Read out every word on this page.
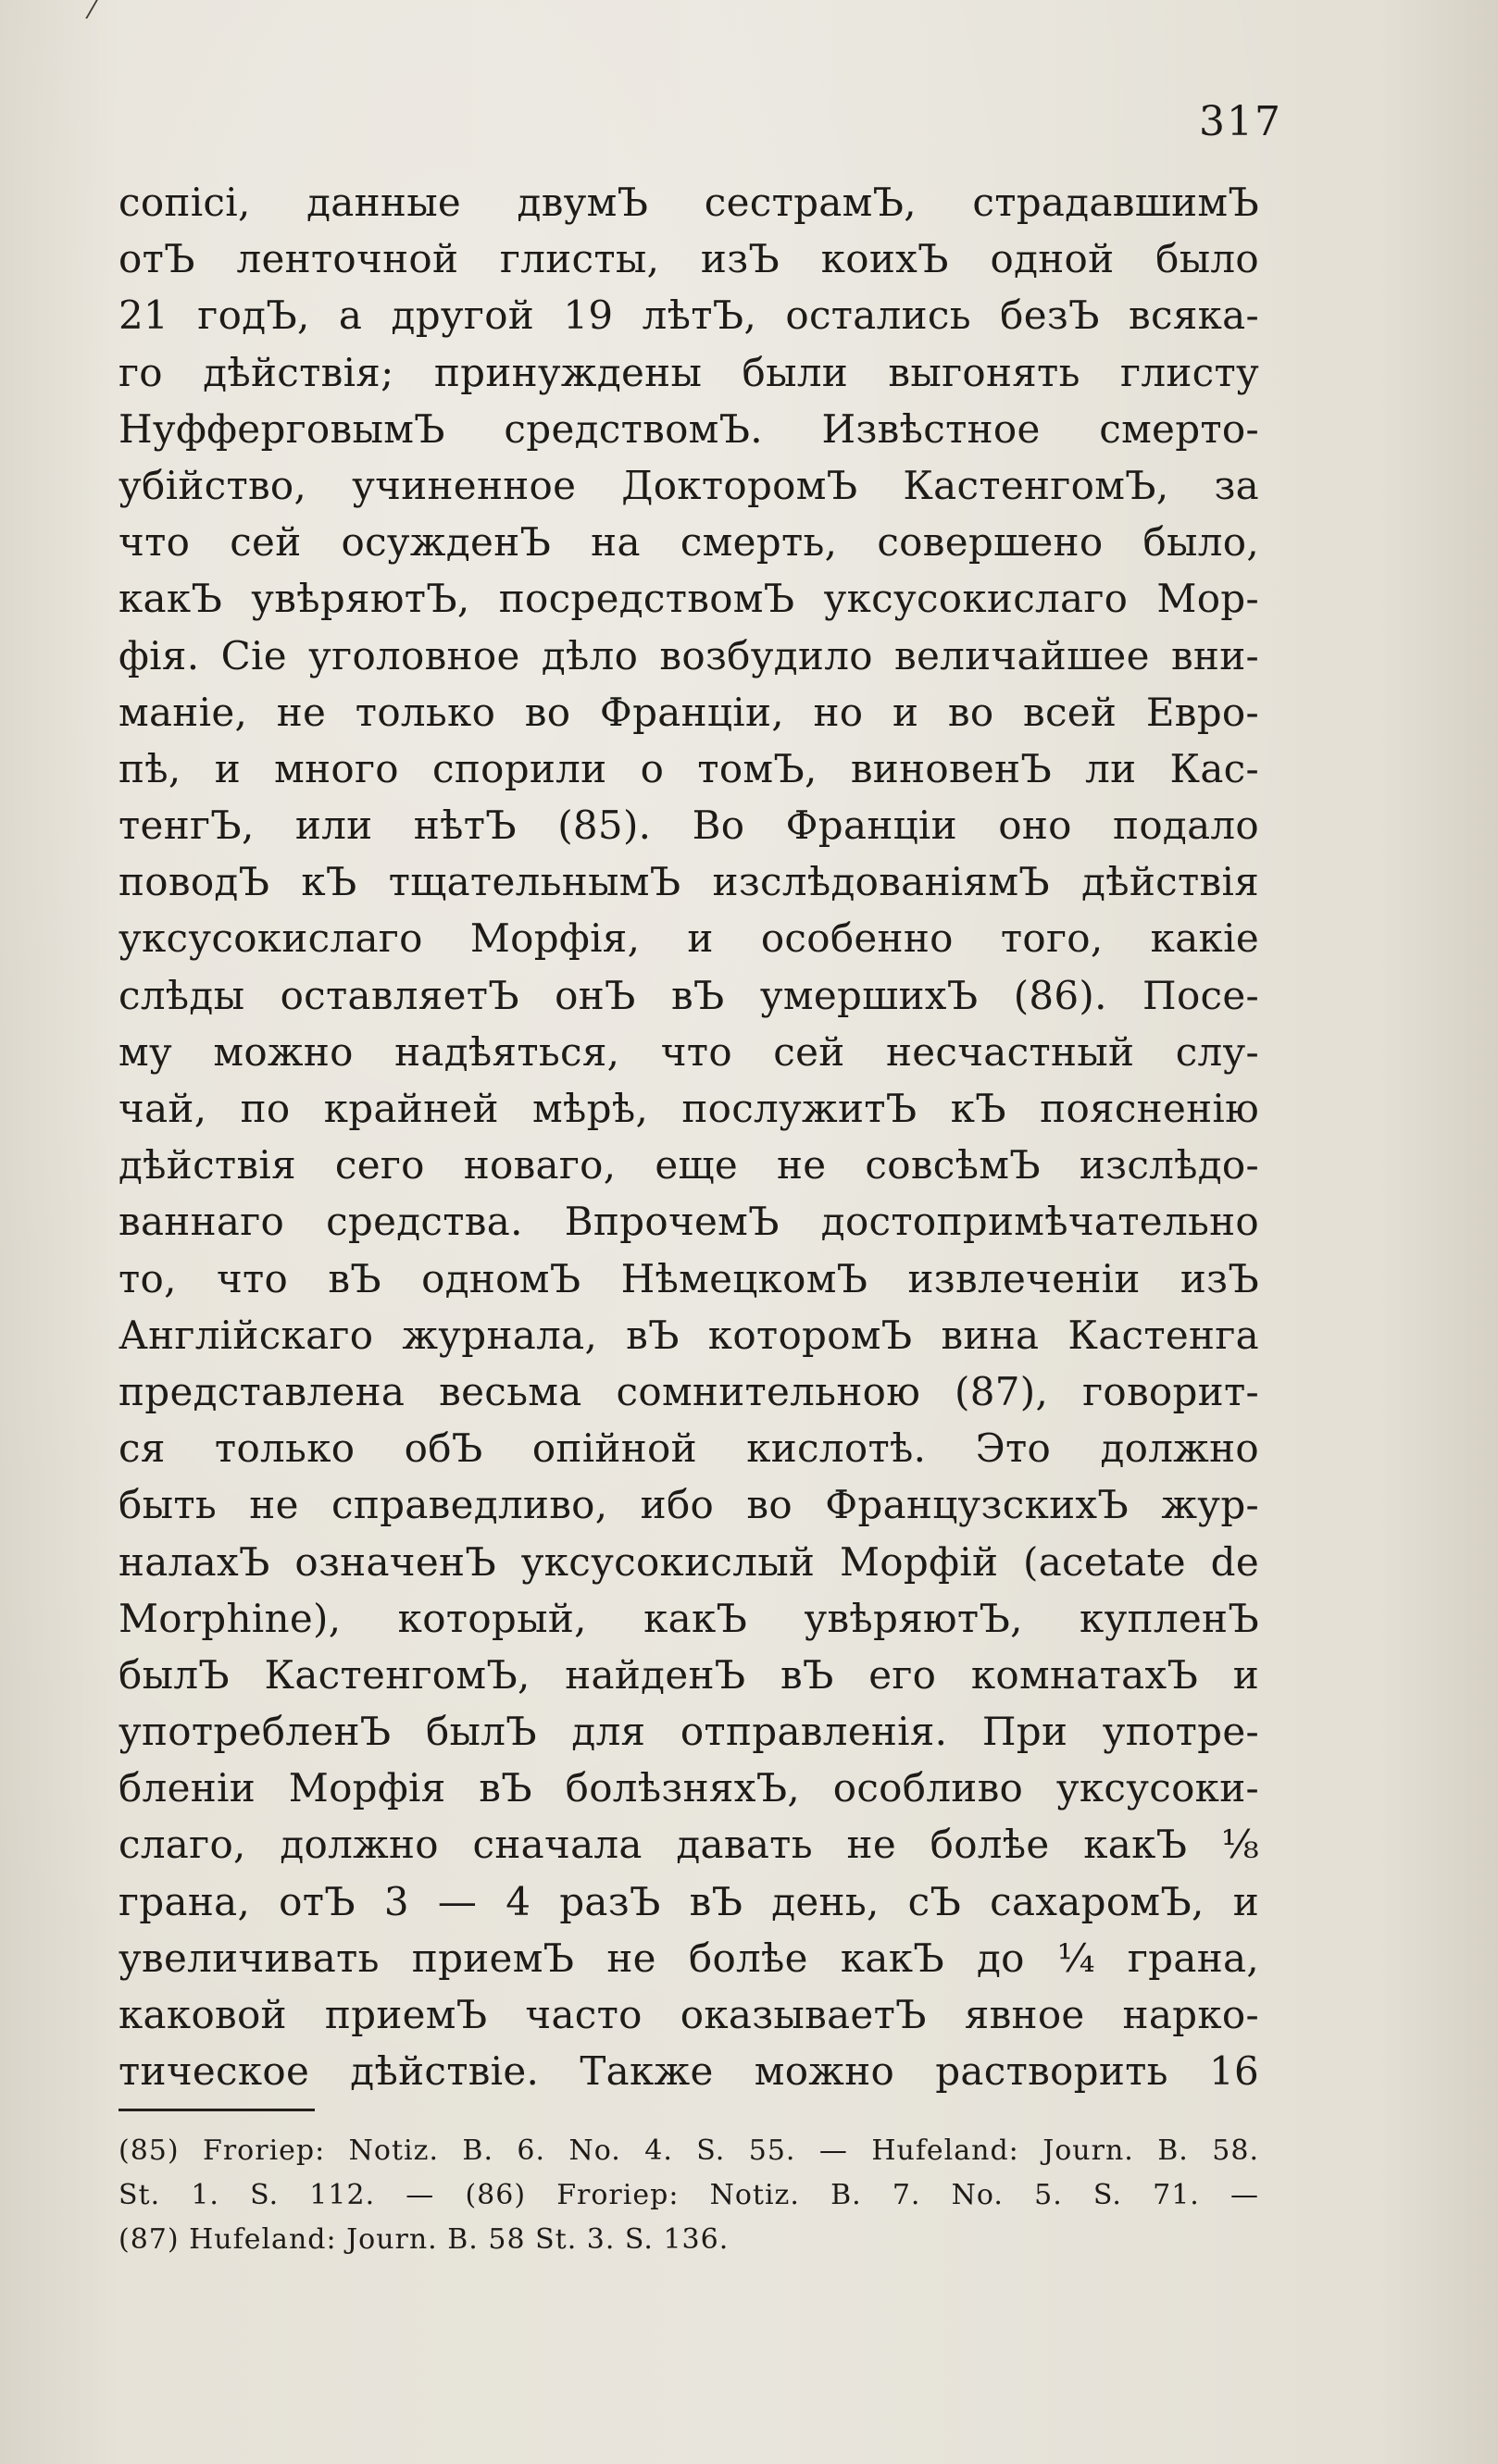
317
сопісі, данные двумЪ сестрамЪ, страдавшимЪ
отЪ ленточной глисты, изЪ коихЪ одной было
21 годЪ, а другой 19 лѣтЪ, остались безЪ всяка-
го дѣйствія; принуждены были выгонять глисту
НуфферговымЪ средствомЪ. Извѣстное смерто-
убійство, учиненное ДокторомЪ КастенгомЪ, за
что сей осужденЪ на смерть, совершено было,
какЪ увѣряютЪ, посредствомЪ уксусокислаго Мор-
фія. Сіе уголовное дѣло возбудило величайшее вни-
маніе, не только во Франціи, но и во всей Евро-
пѣ, и много спорили о томЪ, виновенЪ ли Кас-
тенгЪ, или нѣтЪ (85). Во Франціи оно подало
поводЪ кЪ тщательнымЪ изслѣдованіямЪ дѣйствія
уксусокислаго Морфія, и особенно того, какіе
слѣды оставляетЪ онЪ вЪ умершихЪ (86). Посе-
му можно надѣяться, что сей несчастный слу-
чай, по крайней мѣрѣ, послужитЪ кЪ поясненію
дѣйствія сего новаго, еще не совсѣмЪ изслѣдо-
ваннаго средства. ВпрочемЪ достопримѣчательно
то, что вЪ одномЪ НѣмецкомЪ извлеченіи изЪ
Англійскаго журнала, вЪ которомЪ вина Кастенга
представлена весьма сомнительною (87), говорит-
ся только обЪ опійной кислотѣ. Это должно
быть не справедливо, ибо во ФранцузскихЪ жур-
налахЪ означенЪ уксусокислый Морфій (acetate de
Morphine), который, какЪ увѣряютЪ, купленЪ
былЪ КастенгомЪ, найденЪ вЪ его комнатахЪ и
употребленЪ былЪ для отправленія. При употре-
бленіи Морфія вЪ болѣзняхЪ, особливо уксусоки-
слаго, должно сначала давать не болѣе какЪ ⅛
грана, отЪ 3 — 4 разЪ вЪ день, сЪ сахаромЪ, и
увеличивать приемЪ не болѣе какЪ до ¼ грана,
каковой приемЪ часто оказываетЪ явное нарко-
тическое дѣйствіе. Также можно растворить 16
(85) Froriep: Notiz. B. 6. No. 4. S. 55. — Hufeland: Journ. B. 58.
St. 1. S. 112. — (86) Froriep: Notiz. B. 7. No. 5. S. 71. —
(87) Hufeland: Journ. B. 58 St. 3. S. 136.
